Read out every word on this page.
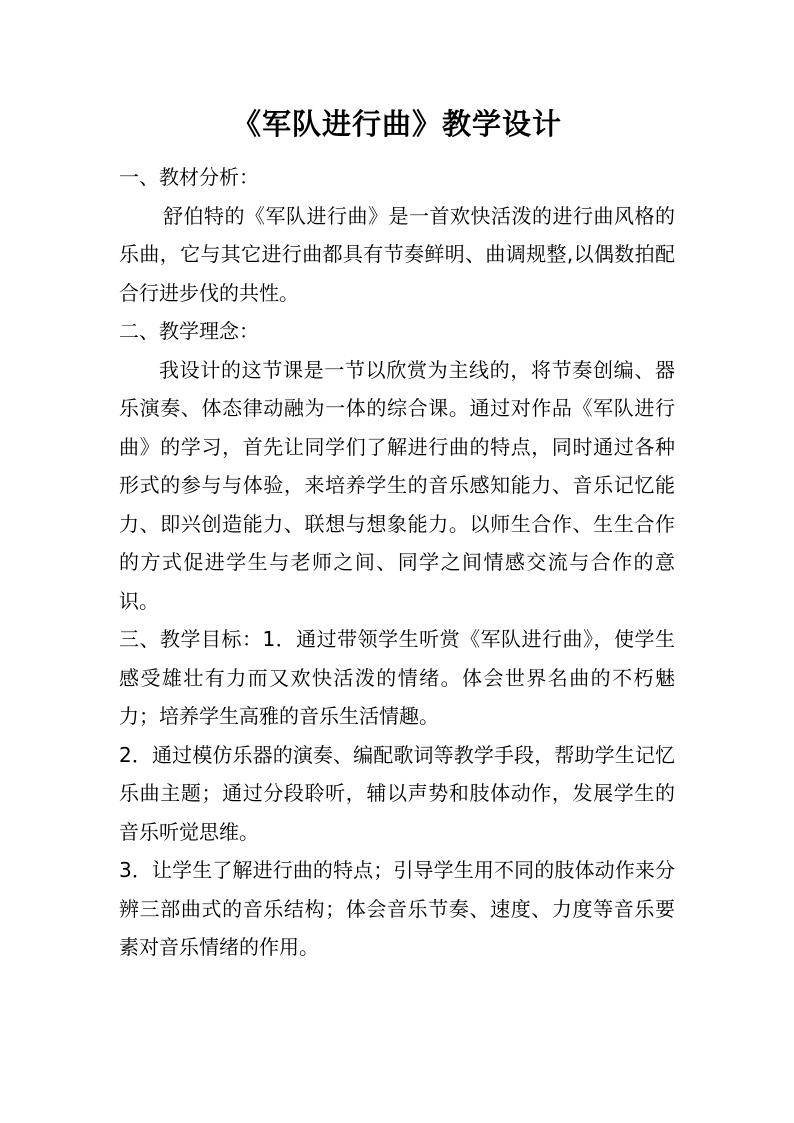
《军队进行曲》教学设计

一、教材分析：

舒伯特的《军队进行曲》是一首欢快活泼的进行曲风格的乐曲，它与其它进行曲都具有节奏鲜明、曲调规整,以偶数拍配合行进步伐的共性。

二、教学理念：

我设计的这节课是一节以欣赏为主线的，将节奏创编、器乐演奏、体态律动融为一体的综合课。通过对作品《军队进行曲》的学习，首先让同学们了解进行曲的特点，同时通过各种形式的参与与体验，来培养学生的音乐感知能力、音乐记忆能力、即兴创造能力、联想与想象能力。以师生合作、生生合作的方式促进学生与老师之间、同学之间情感交流与合作的意识。

三、教学目标：1．通过带领学生听赏《军队进行曲》，使学生感受雄壮有力而又欢快活泼的情绪。体会世界名曲的不朽魅力；培养学生高雅的音乐生活情趣。

2．通过模仿乐器的演奏、编配歌词等教学手段，帮助学生记忆乐曲主题；通过分段聆听，辅以声势和肢体动作，发展学生的音乐听觉思维。

3．让学生了解进行曲的特点；引导学生用不同的肢体动作来分辨三部曲式的音乐结构；体会音乐节奏、速度、力度等音乐要素对音乐情绪的作用。
